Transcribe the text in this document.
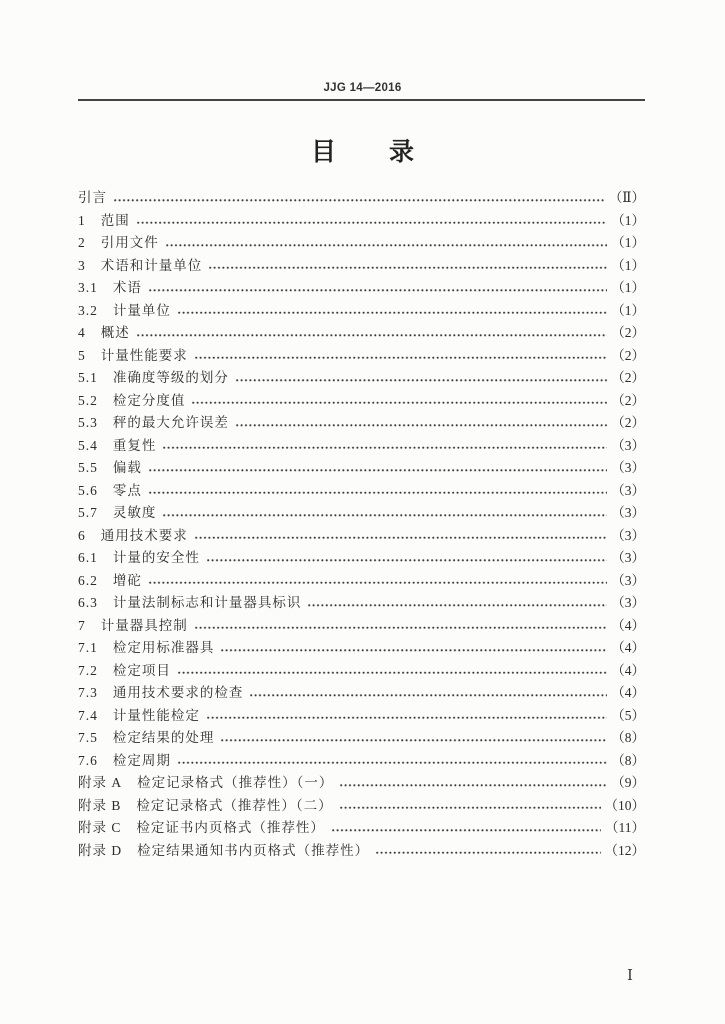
JJG 14—2016
目录
引言	（Ⅱ）
1 范围	（1）
2 引用文件	（1）
3 术语和计量单位	（1）
3.1 术语	（1）
3.2 计量单位	（1）
4 概述	（2）
5 计量性能要求	（2）
5.1 准确度等级的划分	（2）
5.2 检定分度值	（2）
5.3 秤的最大允许误差	（2）
5.4 重复性	（3）
5.5 偏载	（3）
5.6 零点	（3）
5.7 灵敏度	（3）
6 通用技术要求	（3）
6.1 计量的安全性	（3）
6.2 增砣	（3）
6.3 计量法制标志和计量器具标识	（3）
7 计量器具控制	（4）
7.1 检定用标准器具	（4）
7.2 检定项目	（4）
7.3 通用技术要求的检查	（4）
7.4 计量性能检定	（5）
7.5 检定结果的处理	（8）
7.6 检定周期	（8）
附录 A 检定记录格式（推荐性）（一）	（9）
附录 B 检定记录格式（推荐性）（二）	（10）
附录 C 检定证书内页格式（推荐性）	（11）
附录 D 检定结果通知书内页格式（推荐性）	（12）
Ⅰ
